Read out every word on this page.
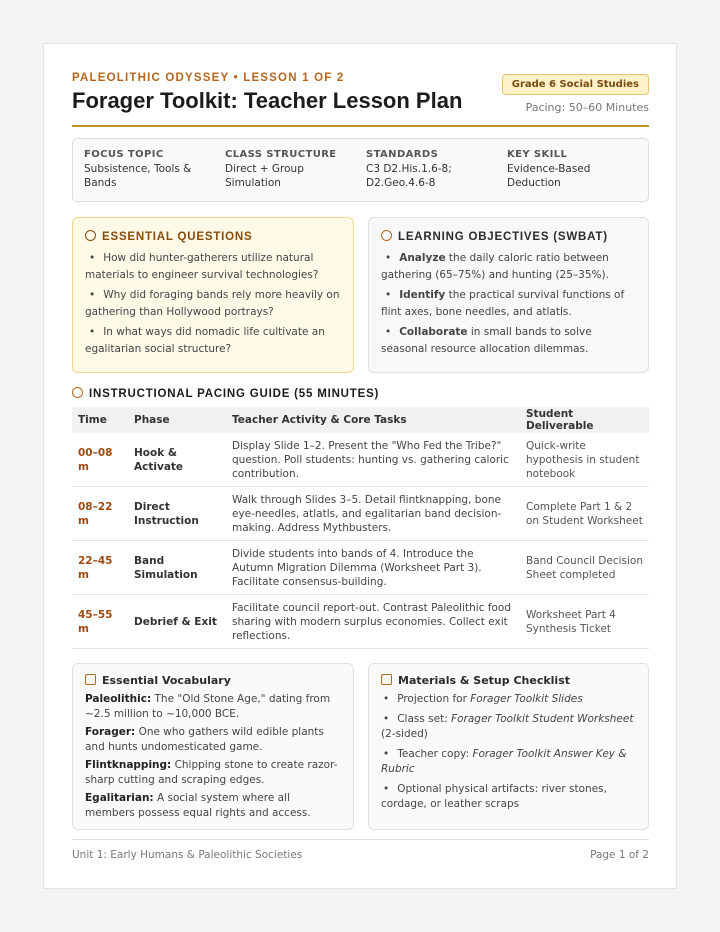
PALEOLITHIC ODYSSEY • LESSON 1 OF 2
Forager Toolkit: Teacher Lesson Plan
Grade 6 Social Studies
Pacing: 50–60 Minutes
FOCUS TOPIC
Subsistence, Tools & Bands
CLASS STRUCTURE
Direct + Group Simulation
STANDARDS
C3 D2.His.1.6-8; D2.Geo.4.6-8
KEY SKILL
Evidence-Based Deduction
ESSENTIAL QUESTIONS
• How did hunter-gatherers utilize natural materials to engineer survival technologies?
• Why did foraging bands rely more heavily on gathering than Hollywood portrays?
• In what ways did nomadic life cultivate an egalitarian social structure?
LEARNING OBJECTIVES (SWBAT)
• Analyze the daily caloric ratio between gathering (65–75%) and hunting (25–35%).
• Identify the practical survival functions of flint axes, bone needles, and atlatls.
• Collaborate in small bands to solve seasonal resource allocation dilemmas.
INSTRUCTIONAL PACING GUIDE (55 MINUTES)
Time	Phase	Teacher Activity & Core Tasks	Student Deliverable
00–08 m	Hook & Activate	Display Slide 1–2. Present the "Who Fed the Tribe?" question. Poll students: hunting vs. gathering caloric contribution.	Quick-write hypothesis in student notebook
08–22 m	Direct Instruction	Walk through Slides 3–5. Detail flintknapping, bone eye-needles, atlatls, and egalitarian band decision-making. Address Mythbusters.	Complete Part 1 & 2 on Student Worksheet
22–45 m	Band Simulation	Divide students into bands of 4. Introduce the Autumn Migration Dilemma (Worksheet Part 3). Facilitate consensus-building.	Band Council Decision Sheet completed
45–55 m	Debrief & Exit	Facilitate council report-out. Contrast Paleolithic food sharing with modern surplus economies. Collect exit reflections.	Worksheet Part 4 Synthesis Ticket
Essential Vocabulary

Paleolithic: The "Old Stone Age," dating from ~2.5 million to ~10,000 BCE.

Forager: One who gathers wild edible plants and hunts undomesticated game.

Flintknapping: Chipping stone to create razor-sharp cutting and scraping edges.

Egalitarian: A social system where all members possess equal rights and access.

Materials & Setup Checklist
• Projection for Forager Toolkit Slides
• Class set: Forager Toolkit Student Worksheet (2-sided)
• Teacher copy: Forager Toolkit Answer Key & Rubric
• Optional physical artifacts: river stones, cordage, or leather scraps
Unit 1: Early Humans & Paleolithic Societies	Page 1 of 2
